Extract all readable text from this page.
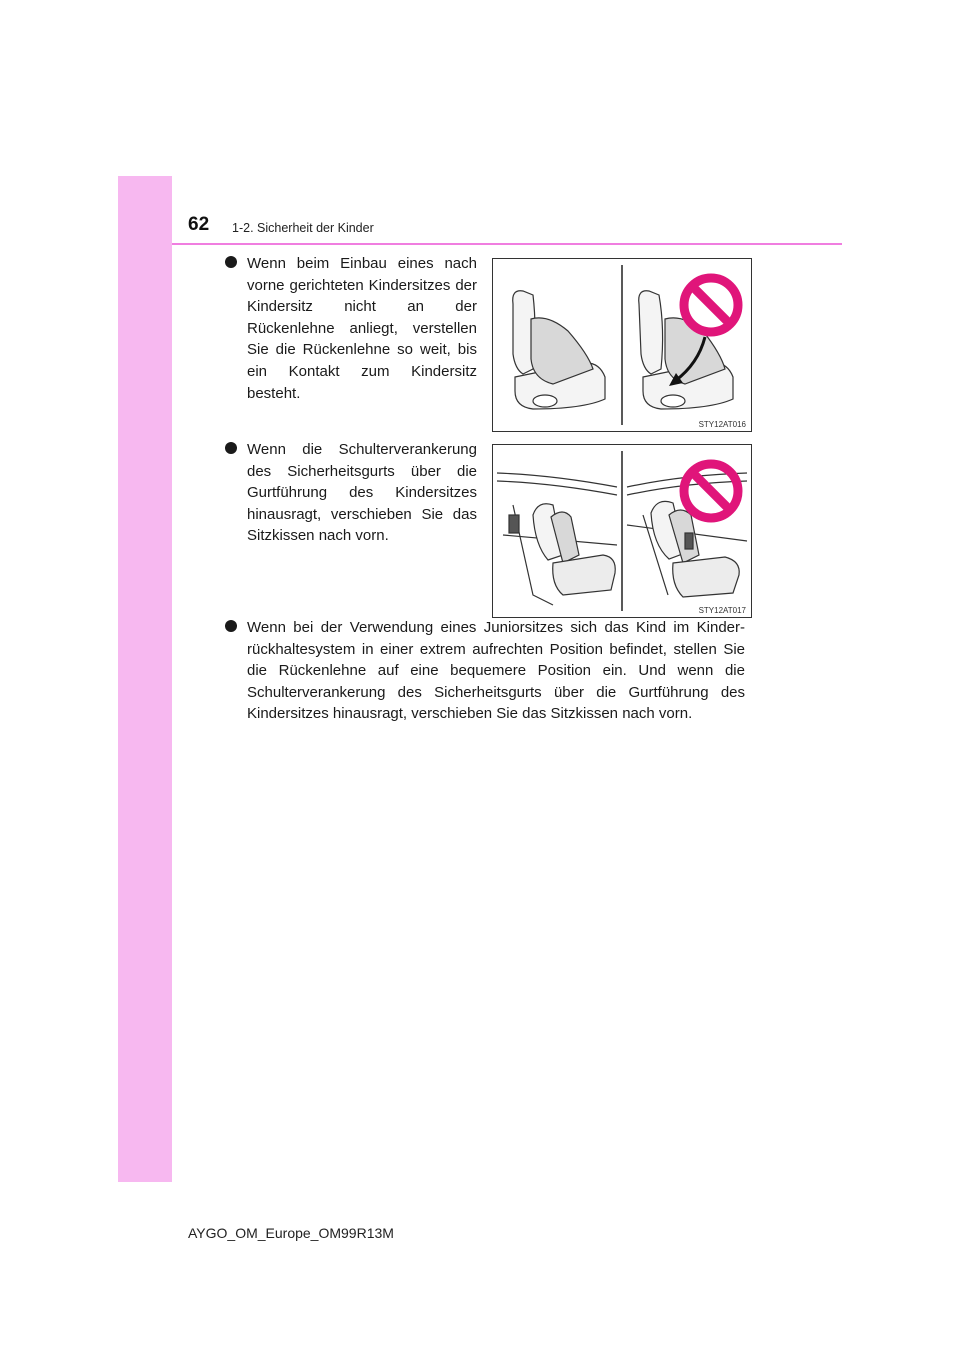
62 1-2. Sicherheit der Kinder
Wenn beim Einbau eines nach vorne gerichteten Kindersitzes der Kindersitz nicht an der Rückenlehne anliegt, verstellen Sie die Rückenlehne so weit, bis ein Kontakt zum Kindersitz besteht.
STY12AT016
Wenn die Schulterverankerung des Sicherheitsgurts über die Gurtführung des Kindersitzes hinausragt, verschieben Sie das Sitzkissen nach vorn.
STY12AT017
Wenn bei der Verwendung eines Juniorsitzes sich das Kind im Kinder-rückhaltesystem in einer extrem aufrechten Position befindet, stellen Sie die Rückenlehne auf eine bequemere Position ein. Und wenn die Schulterverankerung des Sicherheitsgurts über die Gurtführung des Kindersitzes hinausragt, verschieben Sie das Sitzkissen nach vorn.
AYGO_OM_Europe_OM99R13M
